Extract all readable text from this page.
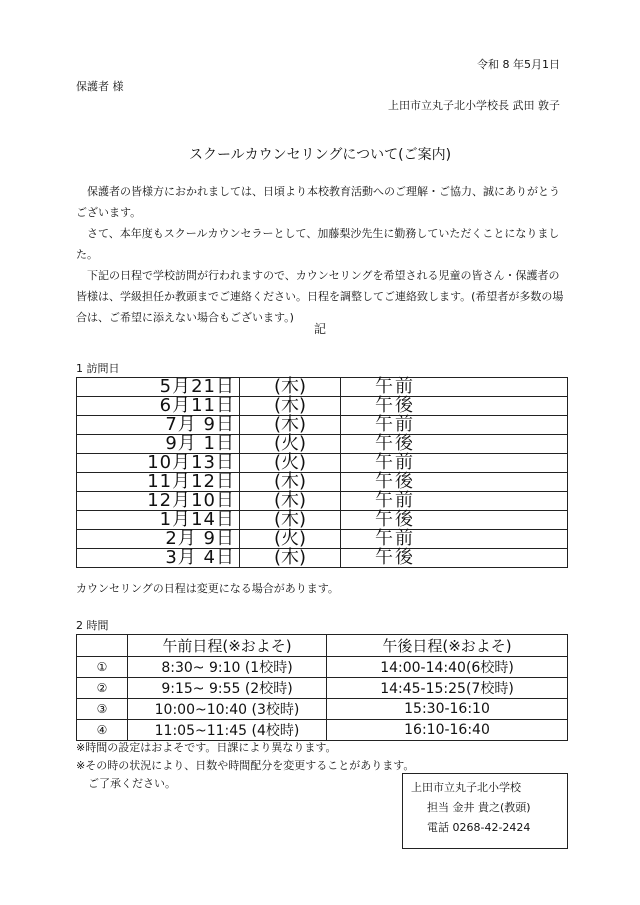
令和 8 年5月1日
保護者 様
上田市立丸子北小学校長 武田 敦子
スクールカウンセリングについて(ご案内)

保護者の皆様方におかれましては、日頃より本校教育活動へのご理解・ご協力、誠にありがとうございます。

さて、本年度もスクールカウンセラーとして、加藤梨沙先生に勤務していただくことになりました。

下記の日程で学校訪問が行われますので、カウンセリングを希望される児童の皆さん・保護者の皆様は、学級担任か教頭までご連絡ください。日程を調整してご連絡致します。(希望者が多数の場合は、ご希望に添えない場合もございます。)

記
1 訪問日
5月21日	(木)	午前
6月11日	(木)	午後
7月 9日	(木)	午前
9月 1日	(火)	午後
10月13日	(火)	午前
11月12日	(木)	午後
12月10日	(木)	午前
1月14日	(木)	午後
2月 9日	(火)	午前
3月 4日	(木)	午後
カウンセリングの日程は変更になる場合があります。
2 時間
	午前日程(※およそ)	午後日程(※およそ)
①	8:30~ 9:10 (1校時)	14:00-14:40(6校時)
②	9:15~ 9:55 (2校時)	14:45-15:25(7校時)
③	10:00~10:40 (3校時)	15:30-16:10
④	11:05~11:45 (4校時)	16:10-16:40
※時間の設定はおよそです。日課により異なります。
※その時の状況により、日数や時間配分を変更することがあります。
ご了承ください。	上田市立丸子北小学校
担当 金井 貴之(教頭)
電話 0268-42-2424
